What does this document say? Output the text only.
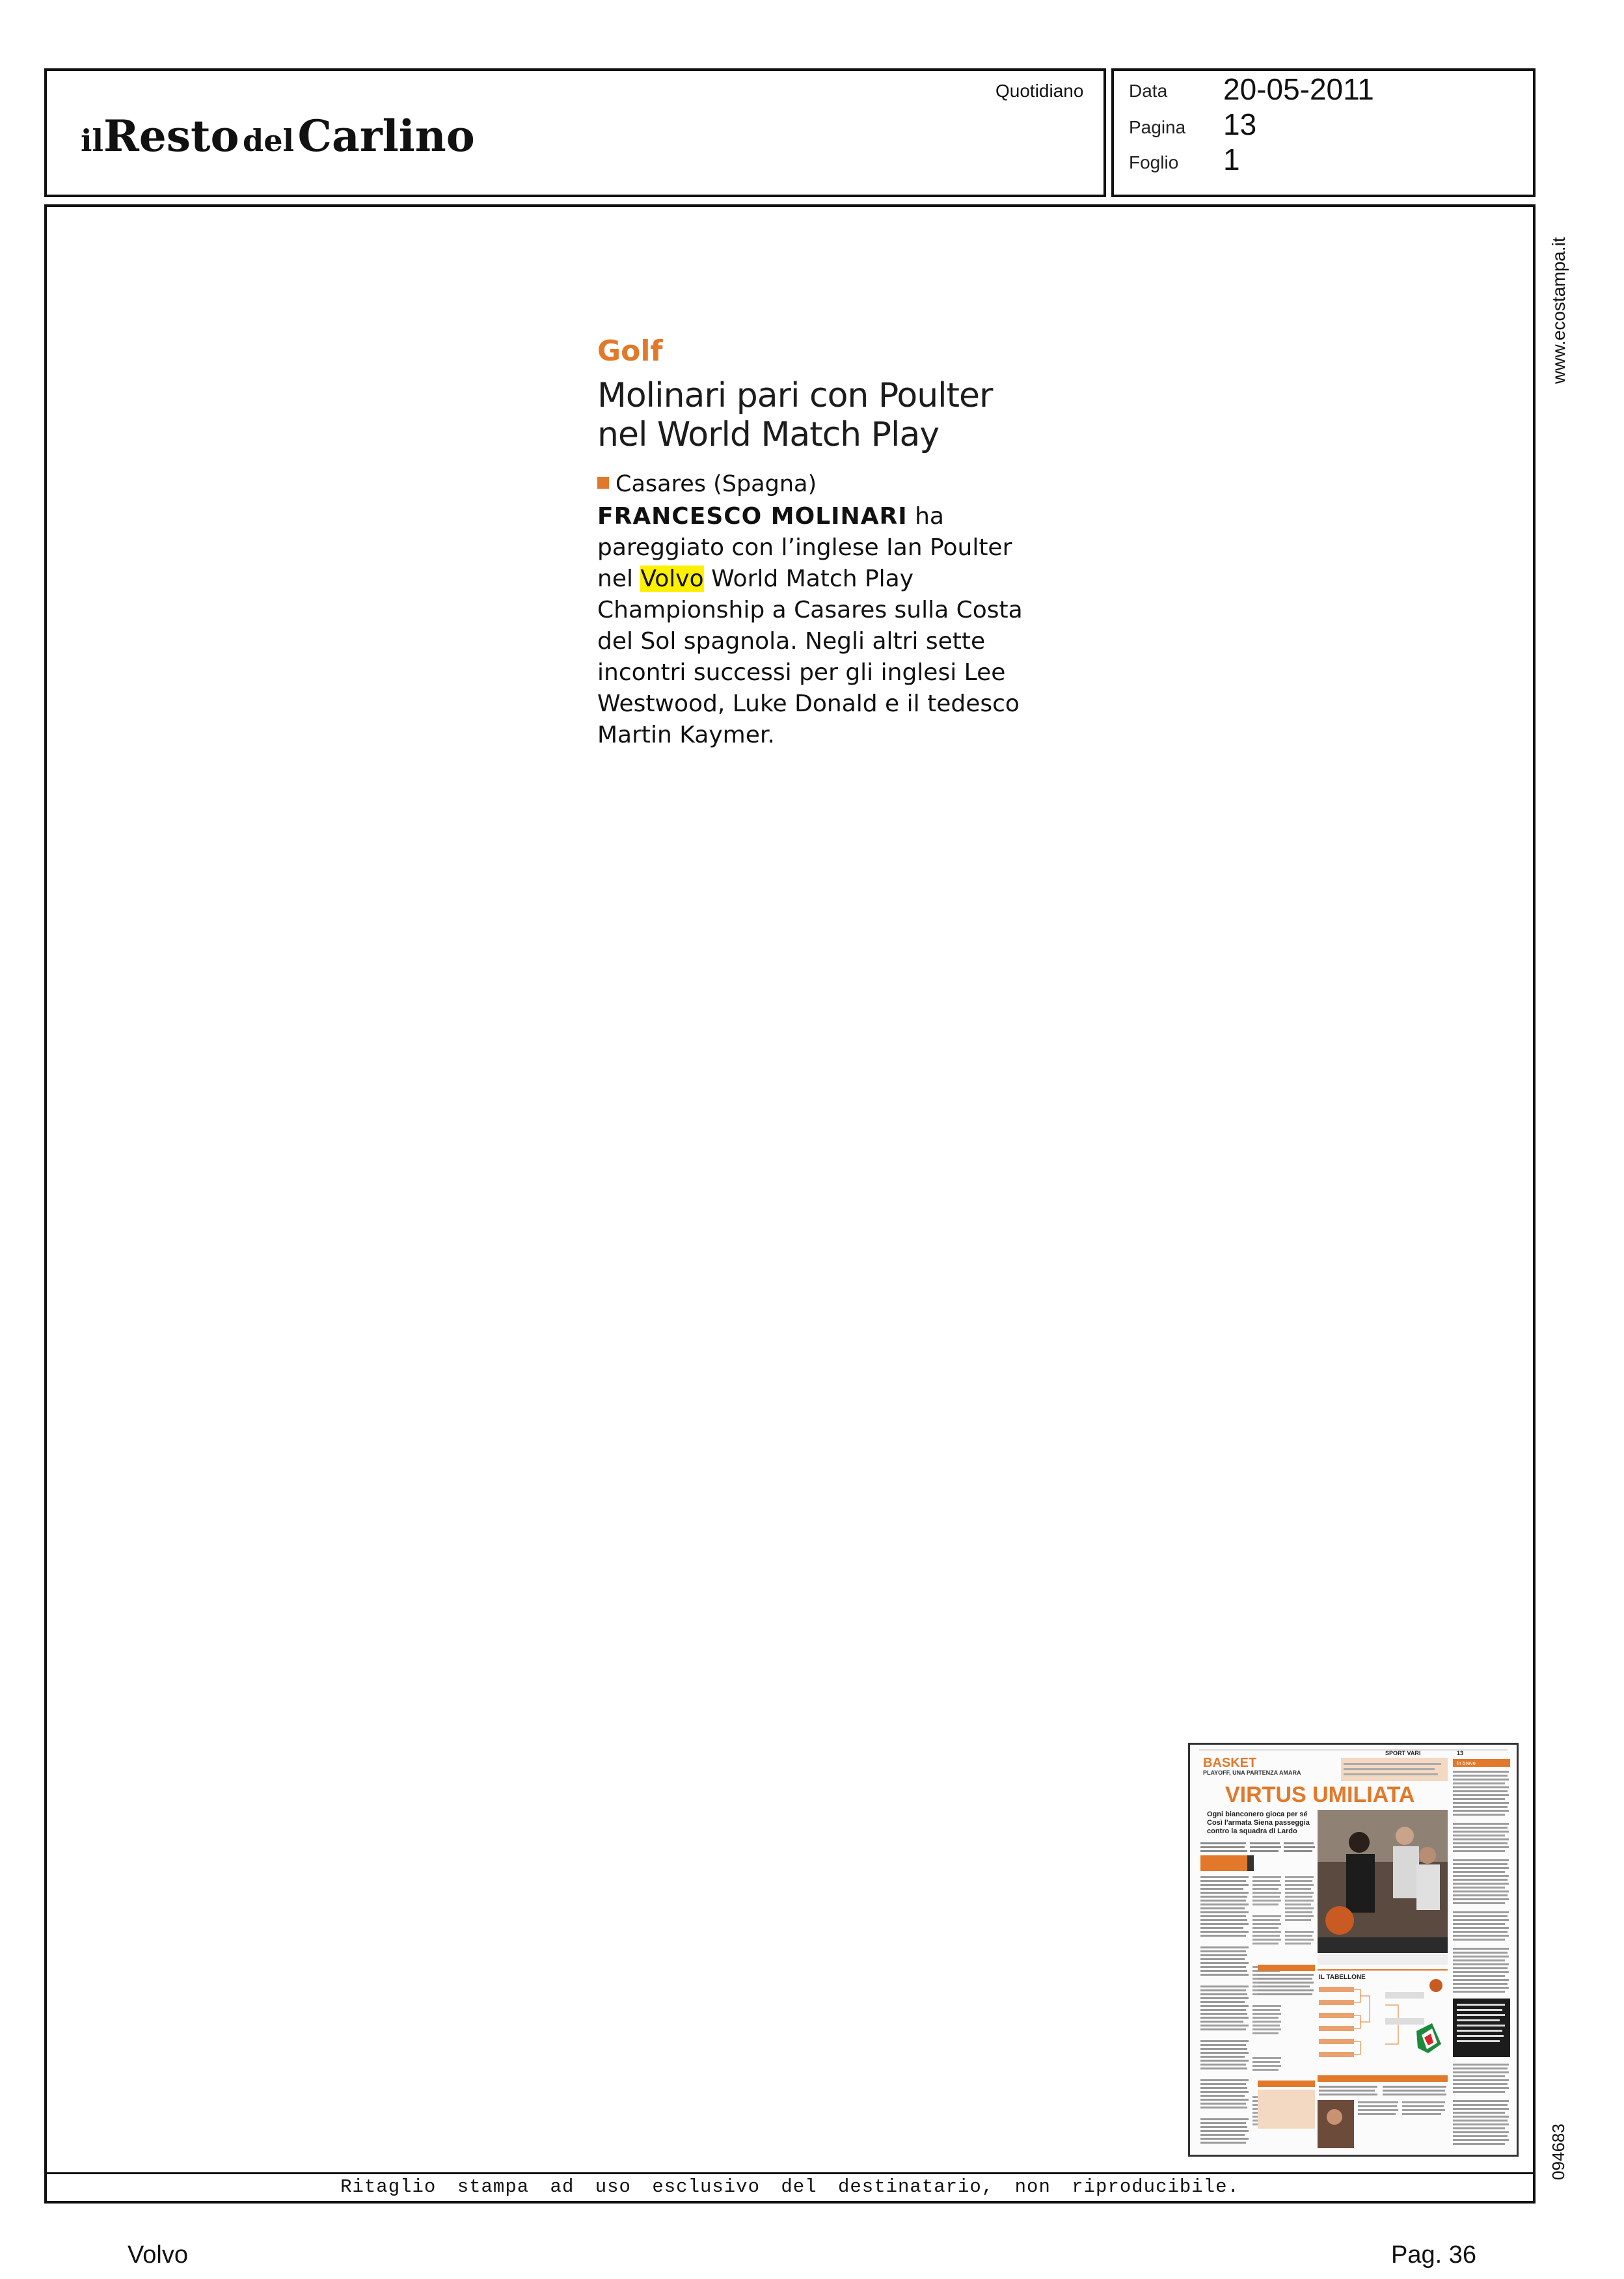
ilResto del Carlino
Quotidiano Data 20-05-2011
Pagina 13
Foglio 1
www.ecostampa.it
Golf
Molinari pari con Poulter
nel World Match Play
Casares (Spagna)
FRANCESCO MOLINARI ha pareggiato con l’inglese Ian Poulter nel Volvo World Match Play Championship a Casares sulla Costa del Sol spagnola. Negli altri sette incontri successi per gli inglesi Lee Westwood, Luke Donald e il tedesco Martin Kaymer.
SPORT VARI	13
In breve
BASKET
PLAYOFF, UNA PARTENZA AMARA
VIRTUS UMILIATA
Ogni bianconero gioca per sé Così l'armata Siena passeggia contro la squadra di Lardo
IL TABELLONE
094683
Ritaglio stampa ad uso esclusivo del destinatario, non riproducibile.
Volvo	Pag. 36
